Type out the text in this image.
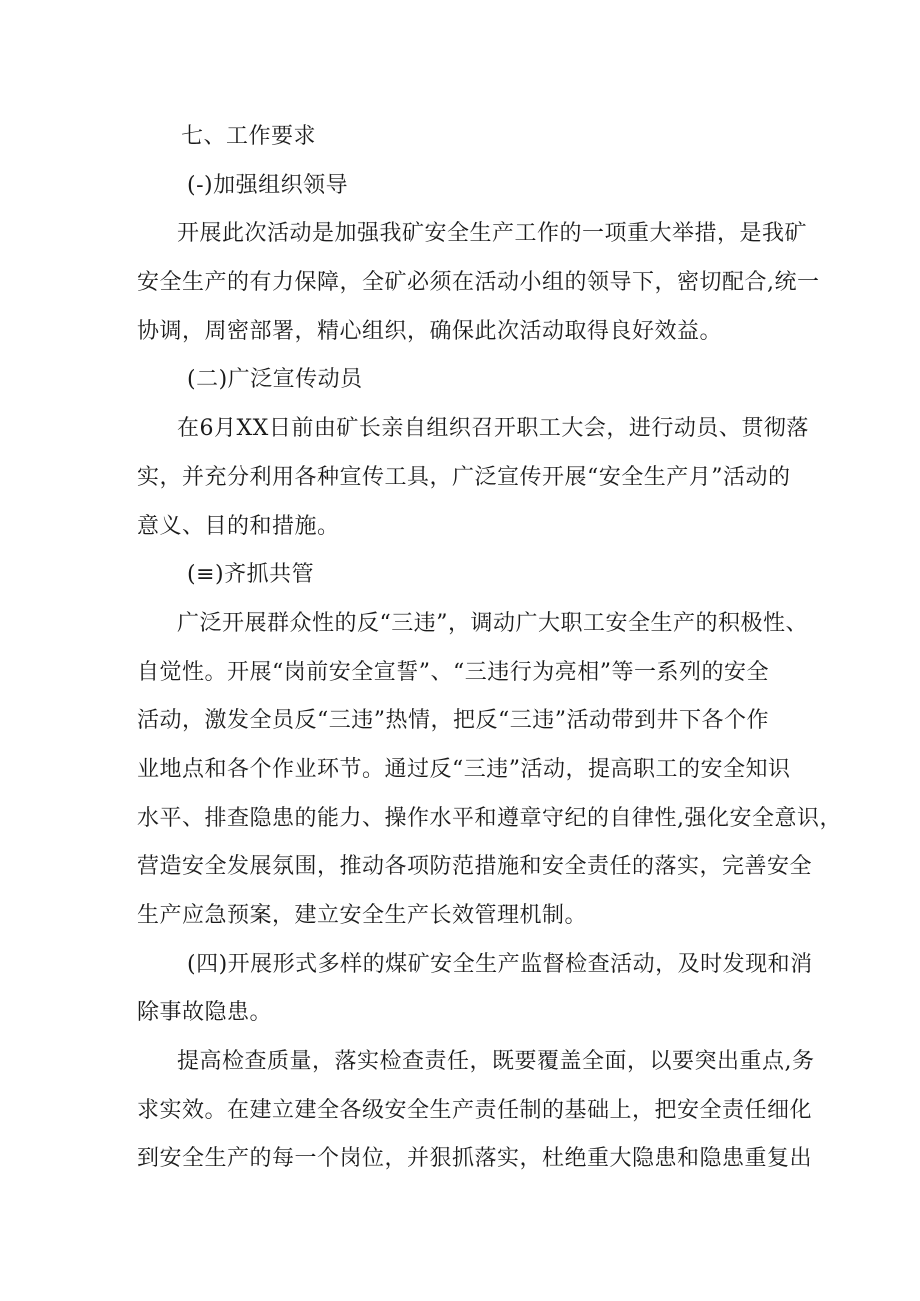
七、工作要求
(-)加强组织领导
开展此次活动是加强我矿安全生产工作的一项重大举措，是我矿
安全生产的有力保障，全矿必须在活动小组的领导下，密切配合,统一
协调，周密部署，精心组织，确保此次活动取得良好效益。
(二)广泛宣传动员
在6月XX日前由矿长亲自组织召开职工大会，进行动员、贯彻落
实，并充分利用各种宣传工具，广泛宣传开展“安全生产月”活动的
意义、目的和措施。
(≡)齐抓共管
广泛开展群众性的反“三违”，调动广大职工安全生产的积极性、
自觉性。开展“岗前安全宣誓”、“三违行为亮相”等一系列的安全
活动，激发全员反“三违”热情，把反“三违”活动带到井下各个作
业地点和各个作业环节。通过反“三违”活动，提高职工的安全知识
水平、排查隐患的能力、操作水平和遵章守纪的自律性,强化安全意识，
营造安全发展氛围，推动各项防范措施和安全责任的落实，完善安全
生产应急预案，建立安全生产长效管理机制。
(四)开展形式多样的煤矿安全生产监督检查活动，及时发现和消
除事故隐患。
提高检查质量，落实检查责任，既要覆盖全面，以要突出重点,务
求实效。在建立建全各级安全生产责任制的基础上，把安全责任细化
到安全生产的每一个岗位，并狠抓落实，杜绝重大隐患和隐患重复出
